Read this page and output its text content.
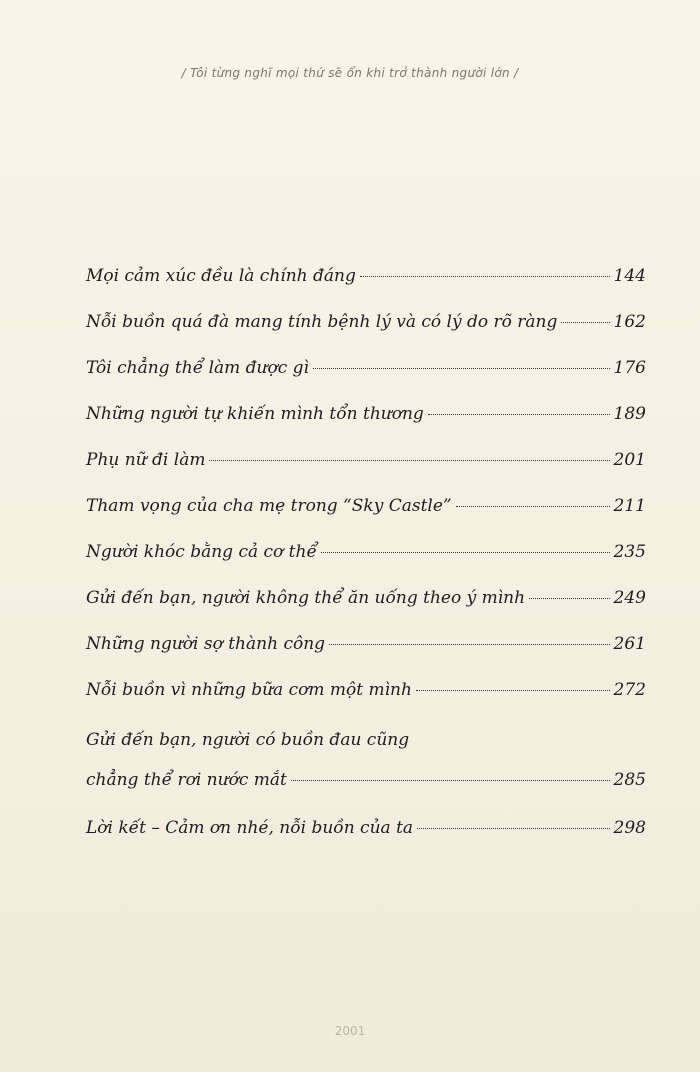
/ Tôi từng nghĩ mọi thứ sẽ ổn khi trở thành người lớn /
Mọi cảm xúc đều là chính đáng	144
Nỗi buồn quá đà mang tính bệnh lý và có lý do rõ ràng	162
Tôi chẳng thể làm được gì	176
Những người tự khiến mình tổn thương	189
Phụ nữ đi làm	201
Tham vọng của cha mẹ trong “Sky Castle”	211
Người khóc bằng cả cơ thể	235
Gửi đến bạn, người không thể ăn uống theo ý mình	249
Những người sợ thành công	261
Nỗi buồn vì những bữa cơm một mình	272
Gửi đến bạn, người có buồn đau cũng
chẳng thể rơi nước mắt	285
Lời kết – Cảm ơn nhé, nỗi buồn của ta	298
2001
